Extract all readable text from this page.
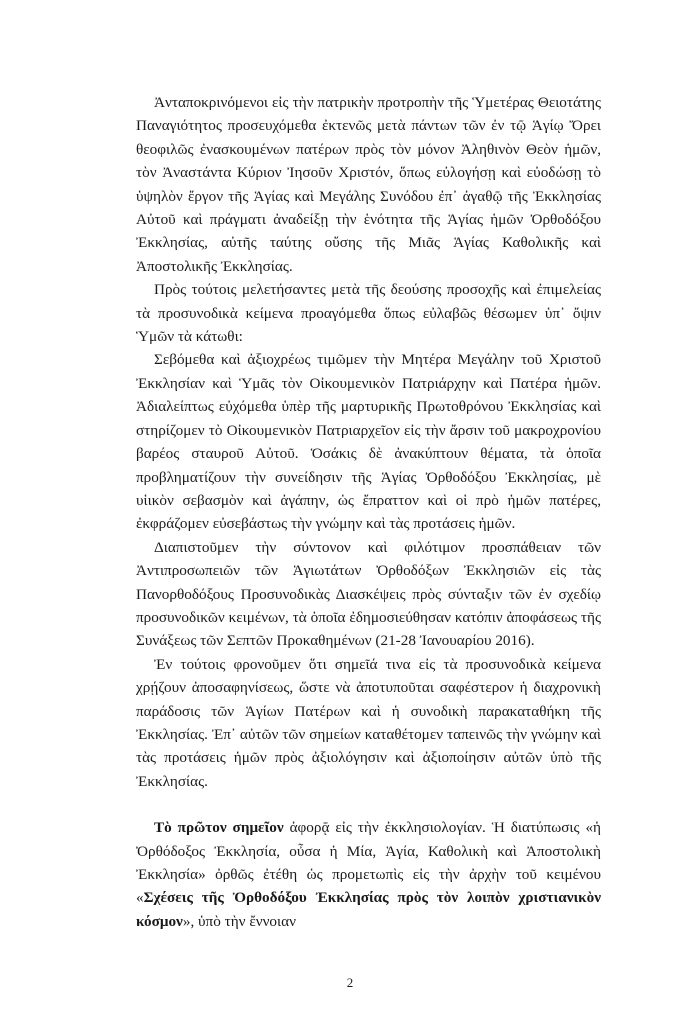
Ἀνταποκρινόμενοι εἰς τὴν πατρικὴν προτροπὴν τῆς Ὑμετέρας Θειοτάτης Παναγιότητος προσευχόμεθα ἐκτενῶς μετὰ πάντων τῶν ἐν τῷ Ἁγίῳ Ὄρει θεοφιλῶς ἐνασκουμένων πατέρων πρὸς τὸν μόνον Ἀληθινὸν Θεὸν ἡμῶν, τὸν Ἀναστάντα Κύριον Ἰησοῦν Χριστόν, ὅπως εὐλογήσῃ καὶ εὐοδώσῃ τὸ ὑψηλὸν ἔργον τῆς Ἁγίας καὶ Μεγάλης Συνόδου ἐπ᾽ ἀγαθῷ τῆς Ἐκκλησίας Αὐτοῦ καὶ πράγματι ἀναδείξῃ τὴν ἑνότητα τῆς Ἁγίας ἡμῶν Ὀρθοδόξου Ἐκκλησίας, αὐτῆς ταύτης οὔσης τῆς Μιᾶς Ἁγίας Καθολικῆς καὶ Ἀποστολικῆς Ἐκκλησίας.

Πρὸς τούτοις μελετήσαντες μετὰ τῆς δεούσης προσοχῆς καὶ ἐπιμελείας τὰ προσυνοδικὰ κείμενα προαγόμεθα ὅπως εὐλαβῶς θέσωμεν ὑπ᾽ ὄψιν Ὑμῶν τὰ κάτωθι:

Σεβόμεθα καὶ ἀξιοχρέως τιμῶμεν τὴν Μητέρα Μεγάλην τοῦ Χριστοῦ Ἐκκλησίαν καὶ Ὑμᾶς τὸν Οἰκουμενικὸν Πατριάρχην καὶ Πατέρα ἡμῶν. Ἀδιαλείπτως εὐχόμεθα ὑπὲρ τῆς μαρτυρικῆς Πρωτοθρόνου Ἐκκλησίας καὶ στηρίζομεν τὸ Οἰκουμενικὸν Πατριαρχεῖον εἰς τὴν ἄρσιν τοῦ μακροχρονίου βαρέος σταυροῦ Αὐτοῦ. Ὁσάκις δὲ ἀνακύπτουν θέματα, τὰ ὁποῖα προβληματίζουν τὴν συνείδησιν τῆς Ἁγίας Ὀρθοδόξου Ἐκκλησίας, μὲ υἱικὸν σεβασμὸν καὶ ἀγάπην, ὡς ἔπραττον καὶ οἱ πρὸ ἡμῶν πατέρες, ἐκφράζομεν εὐσεβάστως τὴν γνώμην καὶ τὰς προτάσεις ἡμῶν.

Διαπιστοῦμεν τὴν σύντονον καὶ φιλότιμον προσπάθειαν τῶν Ἀντιπροσωπειῶν τῶν Ἁγιωτάτων Ὀρθοδόξων Ἐκκλησιῶν εἰς τὰς Πανορθοδόξους Προσυνοδικὰς Διασκέψεις πρὸς σύνταξιν τῶν ἐν σχεδίῳ προσυνοδικῶν κειμένων, τὰ ὁποῖα ἐδημοσιεύθησαν κατόπιν ἀποφάσεως τῆς Συνάξεως τῶν Σεπτῶν Προκαθημένων (21-28 Ἰανουαρίου 2016).

Ἐν τούτοις φρονοῦμεν ὅτι σημεῖά τινα εἰς τὰ προσυνοδικὰ κείμενα χρῄζουν ἀποσαφηνίσεως, ὥστε νὰ ἀποτυποῦται σαφέστερον ἡ διαχρονικὴ παράδοσις τῶν Ἁγίων Πατέρων καὶ ἡ συνοδικὴ παρακαταθήκη τῆς Ἐκκλησίας. Ἐπ᾽ αὐτῶν τῶν σημείων καταθέτομεν ταπεινῶς τὴν γνώμην καὶ τὰς προτάσεις ἡμῶν πρὸς ἀξιολόγησιν καὶ ἀξιοποίησιν αὐτῶν ὑπὸ τῆς Ἐκκλησίας.

Τὸ πρῶτον σημεῖον ἀφορᾷ εἰς τὴν ἐκκλησιολογίαν. Ἡ διατύπωσις «ἡ Ὀρθόδοξος Ἐκκλησία, οὖσα ἡ Μία, Ἁγία, Καθολικὴ καὶ Ἀποστολικὴ Ἐκκλησία» ὀρθῶς ἐτέθη ὡς προμετωπὶς εἰς τὴν ἀρχὴν τοῦ κειμένου «Σχέσεις τῆς Ὀρθοδόξου Ἐκκλησίας πρὸς τὸν λοιπὸν χριστιανικὸν κόσμον», ὑπὸ τὴν ἔννοιαν

2
